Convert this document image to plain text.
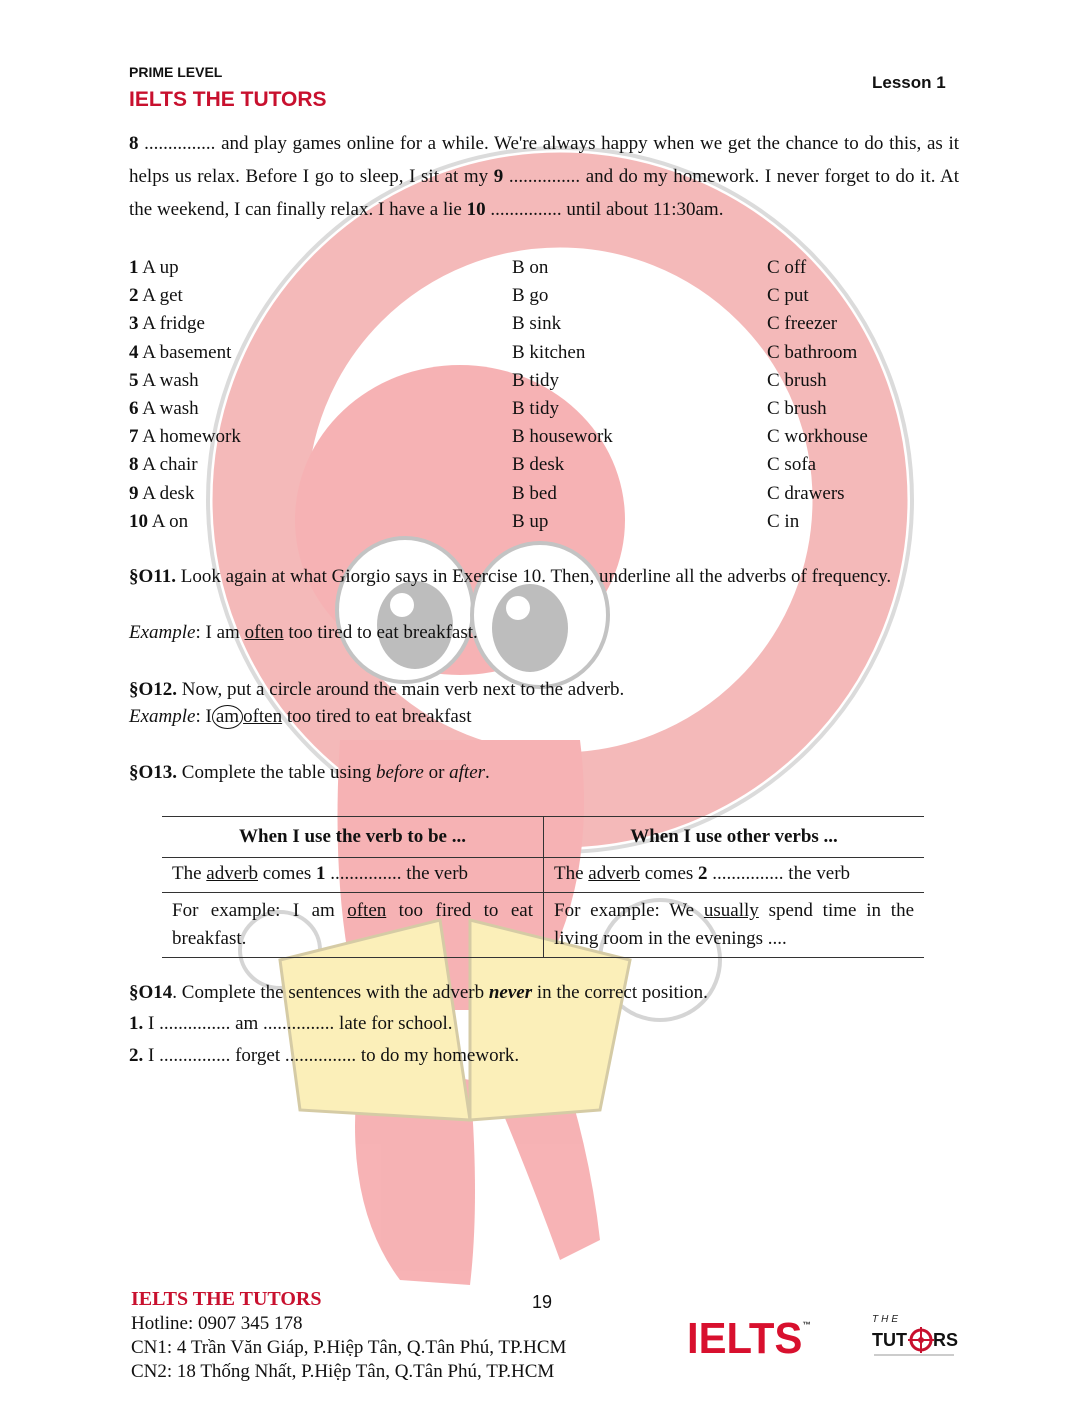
PRIME LEVEL
IELTS THE TUTORS
Lesson 1
8 ............... and play games online for a while. We're always happy when we get the chance to do this, as it helps us relax. Before I go to sleep, I sit at my 9 ............... and do my homework. I never forget to do it. At the weekend, I can finally relax. I have a lie 10 ............... until about 11:30am.
1 A up	B on	C off
2 A get	B go	C put
3 A fridge	B sink	C freezer
4 A basement	B kitchen	C bathroom
5 A wash	B tidy	C brush
6 A wash	B tidy	C brush
7 A homework	B housework	C workhouse
8 A chair	B desk	C sofa
9 A desk	B bed	C drawers
10 A on	B up	C in
§O11. Look again at what Giorgio says in Exercise 10. Then, underline all the adverbs of frequency.
Example: I am often too tired to eat breakfast.
§O12. Now, put a circle around the main verb next to the adverb.
Example: I am often too tired to eat breakfast
§O13. Complete the table using before or after.
When I use the verb to be ...	When I use other verbs ...
The adverb comes 1 ............... the verb	The adverb comes 2 ............... the verb
For example: I am often too fired to eat breakfast.	For example: We usually spend time in the living room in the evenings ....
§O14. Complete the sentences with the adverb never in the correct position.
1. I ............... am ............... late for school.
2. I ............... forget ............... to do my homework.
IELTS THE TUTORS
Hotline: 0907 345 178
CN1: 4 Trần Văn Giáp, P.Hiệp Tân, Q.Tân Phú, TP.HCM
CN2: 18 Thống Nhất, P.Hiệp Tân, Q.Tân Phú, TP.HCM
19
IELTS™	THE
TUT RS
